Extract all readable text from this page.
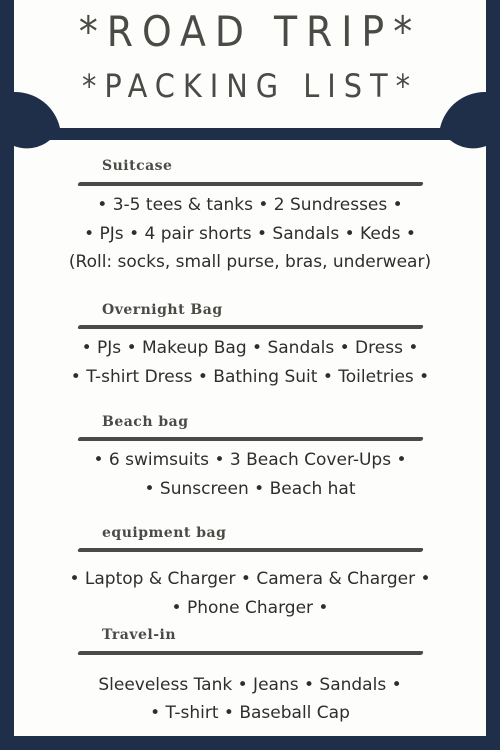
*ROAD TRIP*
*PACKING LIST*
Suitcase
• 3-5 tees & tanks • 2 Sundresses •
• PJs • 4 pair shorts • Sandals • Keds •
(Roll: socks, small purse, bras, underwear)
Overnight Bag
• PJs • Makeup Bag • Sandals • Dress •
• T-shirt Dress • Bathing Suit • Toiletries •
Beach bag
• 6 swimsuits • 3 Beach Cover-Ups •
• Sunscreen • Beach hat
equipment bag
• Laptop & Charger • Camera & Charger •
• Phone Charger •
Travel-in
Sleeveless Tank • Jeans • Sandals •
• T-shirt • Baseball Cap
